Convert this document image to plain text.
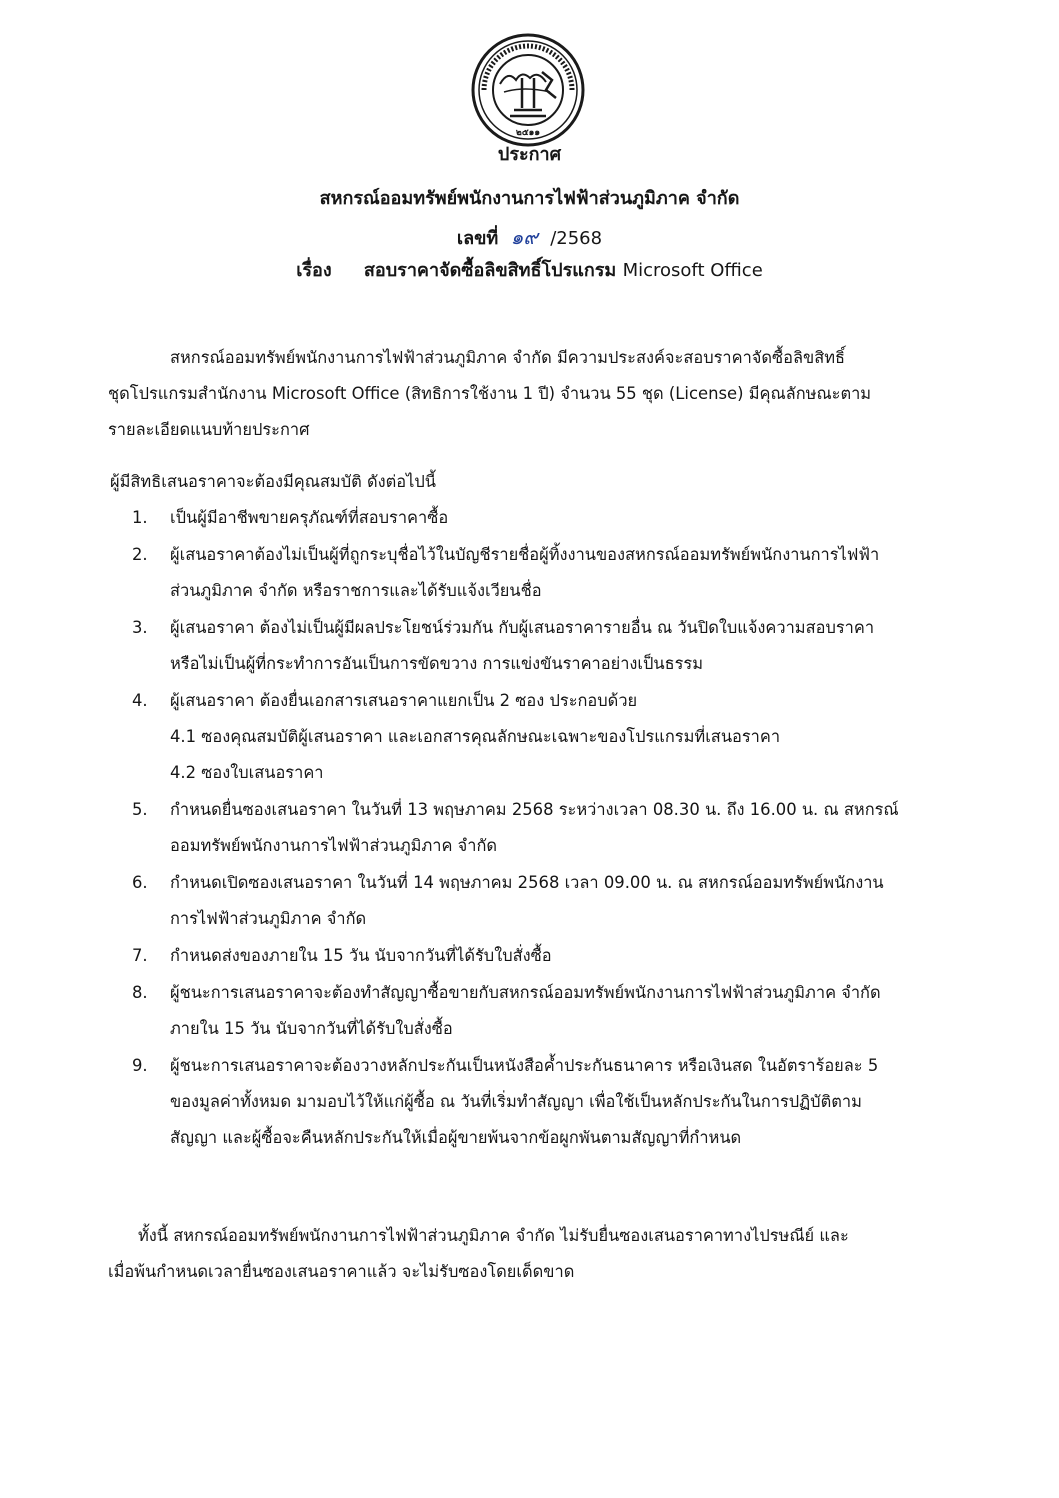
๒๕๑๑
ประกาศ
สหกรณ์ออมทรัพย์พนักงานการไฟฟ้าส่วนภูมิภาค จำกัด
เลขที่ ๑๙ /2568
เรื่อง สอบราคาจัดซื้อลิขสิทธิ์โปรแกรม Microsoft Office
สหกรณ์ออมทรัพย์พนักงานการไฟฟ้าส่วนภูมิภาค จำกัด มีความประสงค์จะสอบราคาจัดซื้อลิขสิทธิ์
ชุดโปรแกรมสำนักงาน Microsoft Office (สิทธิการใช้งาน 1 ปี) จำนวน 55 ชุด (License) มีคุณลักษณะตาม
รายละเอียดแนบท้ายประกาศ
ผู้มีสิทธิเสนอราคาจะต้องมีคุณสมบัติ ดังต่อไปนี้
1. เป็นผู้มีอาชีพขายครุภัณฑ์ที่สอบราคาซื้อ
2. ผู้เสนอราคาต้องไม่เป็นผู้ที่ถูกระบุชื่อไว้ในบัญชีรายชื่อผู้ทิ้งงานของสหกรณ์ออมทรัพย์พนักงานการไฟฟ้า
ส่วนภูมิภาค จำกัด หรือราชการและได้รับแจ้งเวียนชื่อ
3. ผู้เสนอราคา ต้องไม่เป็นผู้มีผลประโยชน์ร่วมกัน กับผู้เสนอราคารายอื่น ณ วันปิดใบแจ้งความสอบราคา
หรือไม่เป็นผู้ที่กระทำการอันเป็นการขัดขวาง การแข่งขันราคาอย่างเป็นธรรม
4. ผู้เสนอราคา ต้องยื่นเอกสารเสนอราคาแยกเป็น 2 ซอง ประกอบด้วย
4.1 ซองคุณสมบัติผู้เสนอราคา และเอกสารคุณลักษณะเฉพาะของโปรแกรมที่เสนอราคา
4.2 ซองใบเสนอราคา
5. กำหนดยื่นซองเสนอราคา ในวันที่ 13 พฤษภาคม 2568 ระหว่างเวลา 08.30 น. ถึง 16.00 น. ณ สหกรณ์
ออมทรัพย์พนักงานการไฟฟ้าส่วนภูมิภาค จำกัด
6. กำหนดเปิดซองเสนอราคา ในวันที่ 14 พฤษภาคม 2568 เวลา 09.00 น. ณ สหกรณ์ออมทรัพย์พนักงาน
การไฟฟ้าส่วนภูมิภาค จำกัด
7. กำหนดส่งของภายใน 15 วัน นับจากวันที่ได้รับใบสั่งซื้อ
8. ผู้ชนะการเสนอราคาจะต้องทำสัญญาซื้อขายกับสหกรณ์ออมทรัพย์พนักงานการไฟฟ้าส่วนภูมิภาค จำกัด
ภายใน 15 วัน นับจากวันที่ได้รับใบสั่งซื้อ
9. ผู้ชนะการเสนอราคาจะต้องวางหลักประกันเป็นหนังสือค้ำประกันธนาคาร หรือเงินสด ในอัตราร้อยละ 5
ของมูลค่าทั้งหมด มามอบไว้ให้แก่ผู้ซื้อ ณ วันที่เริ่มทำสัญญา เพื่อใช้เป็นหลักประกันในการปฏิบัติตาม
สัญญา และผู้ซื้อจะคืนหลักประกันให้เมื่อผู้ขายพ้นจากข้อผูกพันตามสัญญาที่กำหนด
ทั้งนี้ สหกรณ์ออมทรัพย์พนักงานการไฟฟ้าส่วนภูมิภาค จำกัด ไม่รับยื่นซองเสนอราคาทางไปรษณีย์ และ
เมื่อพ้นกำหนดเวลายื่นซองเสนอราคาแล้ว จะไม่รับซองโดยเด็ดขาด
